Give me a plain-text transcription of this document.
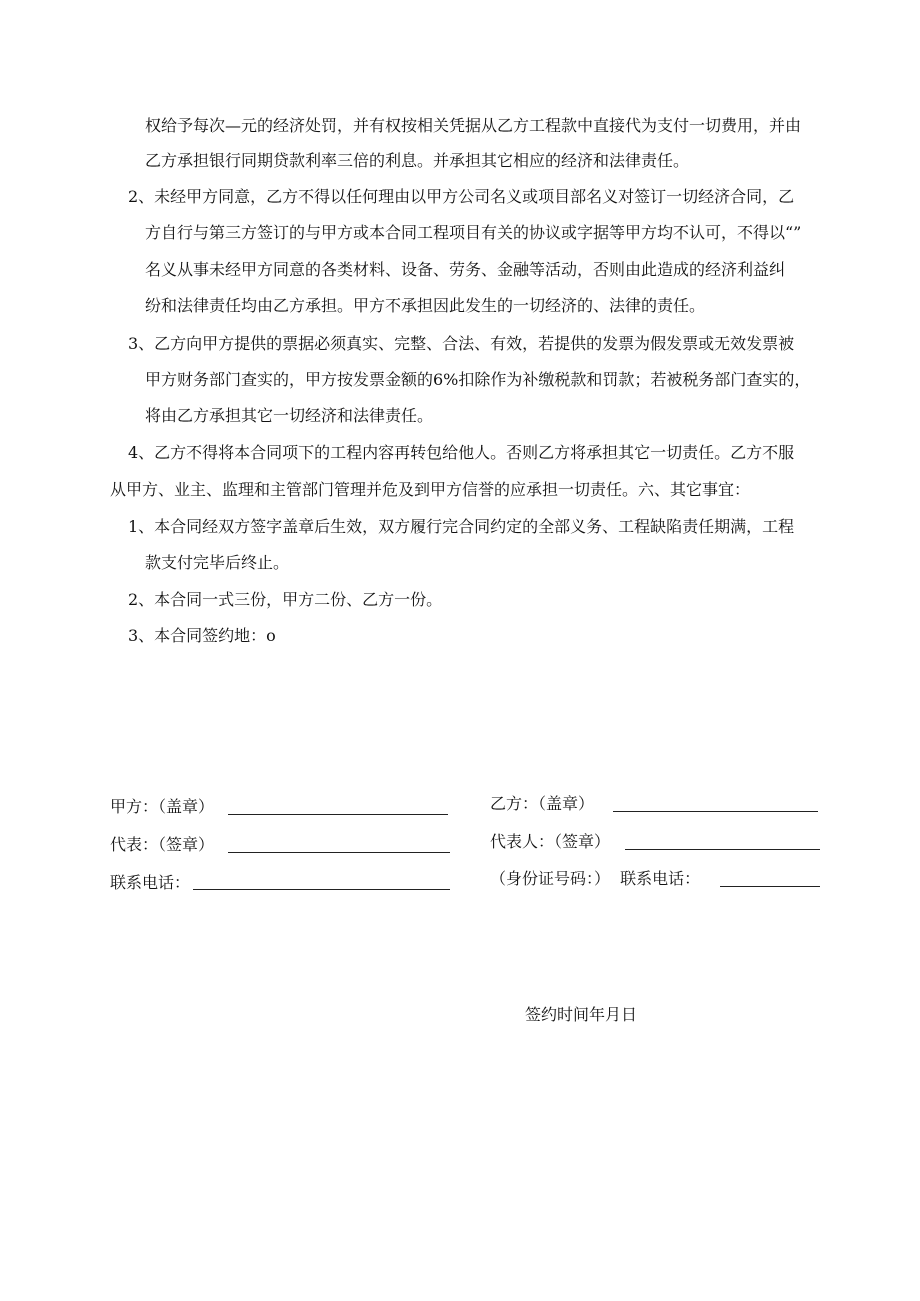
权给予每次—元的经济处罚，并有权按相关凭据从乙方工程款中直接代为支付一切费用，并由
乙方承担银行同期贷款利率三倍的利息。并承担其它相应的经济和法律责任。
2、未经甲方同意，乙方不得以任何理由以甲方公司名义或项目部名义对签订一切经济合同，乙
方自行与第三方签订的与甲方或本合同工程项目有关的协议或字据等甲方均不认可，不得以“”
名义从事未经甲方同意的各类材料、设备、劳务、金融等活动，否则由此造成的经济利益纠
纷和法律责任均由乙方承担。甲方不承担因此发生的一切经济的、法律的责任。
3、乙方向甲方提供的票据必须真实、完整、合法、有效，若提供的发票为假发票或无效发票被
甲方财务部门查实的，甲方按发票金额的6%扣除作为补缴税款和罚款；若被税务部门查实的，
将由乙方承担其它一切经济和法律责任。
4、乙方不得将本合同项下的工程内容再转包给他人。否则乙方将承担其它一切责任。乙方不服
从甲方、业主、监理和主管部门管理并危及到甲方信誉的应承担一切责任。六、其它事宜：
1、本合同经双方签字盖章后生效，双方履行完合同约定的全部义务、工程缺陷责任期满，工程
款支付完毕后终止。
2、本合同一式三份，甲方二份、乙方一份。
3、本合同签约地：o
甲方：（盖章）
代表：（签章）
联系电话：
乙方：（盖章）
代表人：（签章）
（身份证号码：）  联系电话：
签约时间年月日
